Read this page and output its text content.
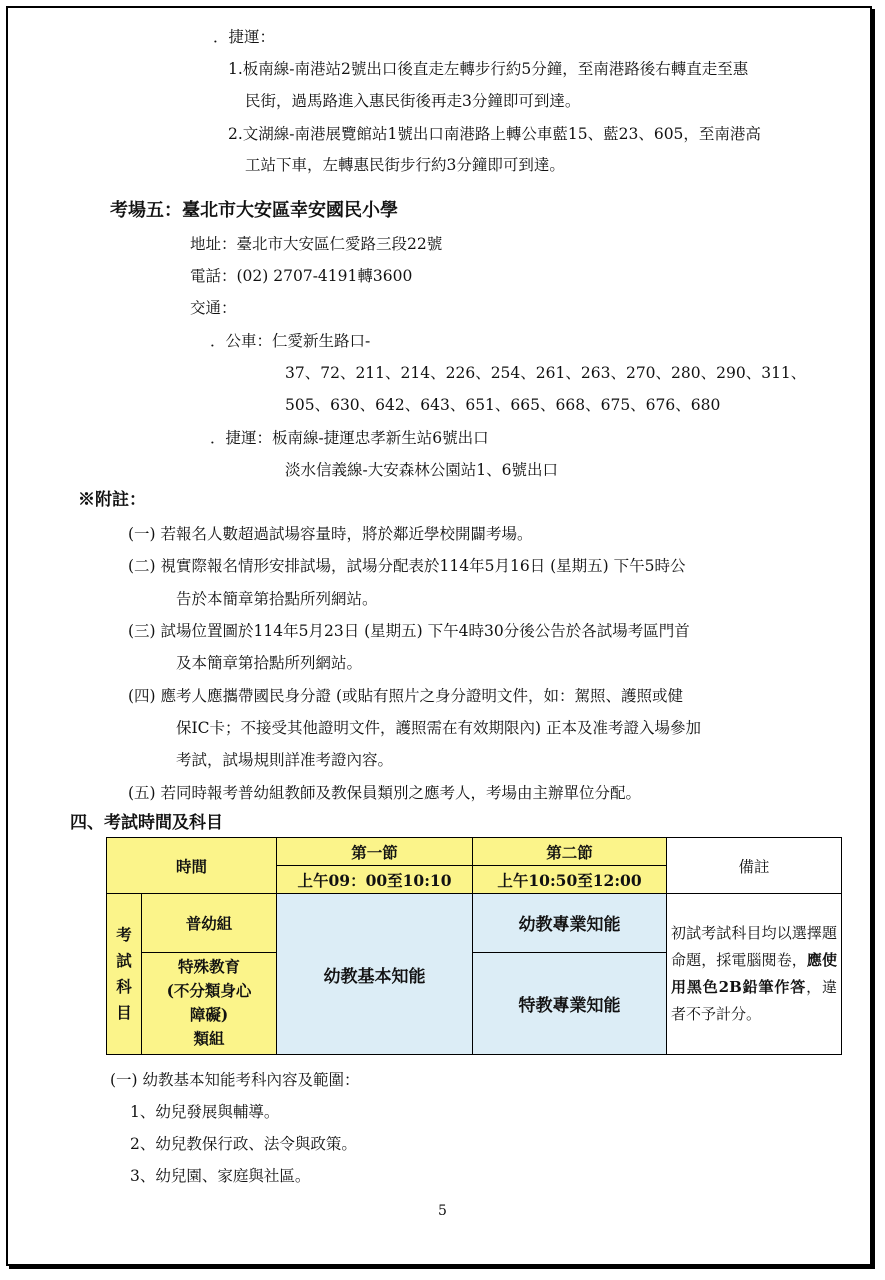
．捷運：
1.板南線-南港站2號出口後直走左轉步行約5分鐘，至南港路後右轉直走至惠
民街，過馬路進入惠民街後再走3分鐘即可到達。
2.文湖線-南港展覽館站1號出口南港路上轉公車藍15、藍23、605，至南港高
工站下車，左轉惠民街步行約3分鐘即可到達。
考場五：臺北市大安區幸安國民小學
地址：臺北市大安區仁愛路三段22號
電話：(02) 2707-4191轉3600
交通：
．公車：仁愛新生路口-
37、72、211、214、226、254、261、263、270、280、290、311、
505、630、642、643、651、665、668、675、676、680
．捷運：板南線-捷運忠孝新生站6號出口
淡水信義線-大安森林公園站1、6號出口
※附註：
(一) 若報名人數超過試場容量時，將於鄰近學校開闢考場。
(二) 視實際報名情形安排試場，試場分配表於114年5月16日 (星期五) 下午5時公
告於本簡章第拾點所列網站。
(三) 試場位置圖於114年5月23日 (星期五) 下午4時30分後公告於各試場考區門首
及本簡章第拾點所列網站。
(四) 應考人應攜帶國民身分證 (或貼有照片之身分證明文件，如：駕照、護照或健
保IC卡；不接受其他證明文件，護照需在有效期限內) 正本及准考證入場參加
考試，試場規則詳准考證內容。
(五) 若同時報考普幼組教師及教保員類別之應考人，考場由主辦單位分配。
四、考試時間及科目
時間		第一節	第二節	備註
		上午09：00至10:10	上午10:50至12:00	
考試科目	普幼組	幼教基本知能	幼教專業知能	初試考試科目均以選擇題命題，採電腦閱卷，應使用黑色2B鉛筆作答，違者不予計分。

	特殊教育
(不分類身心
障礙)
類組		特教專業知能	
(一) 幼教基本知能考科內容及範圍：
1、幼兒發展與輔導。
2、幼兒教保行政、法令與政策。
3、幼兒園、家庭與社區。
5
